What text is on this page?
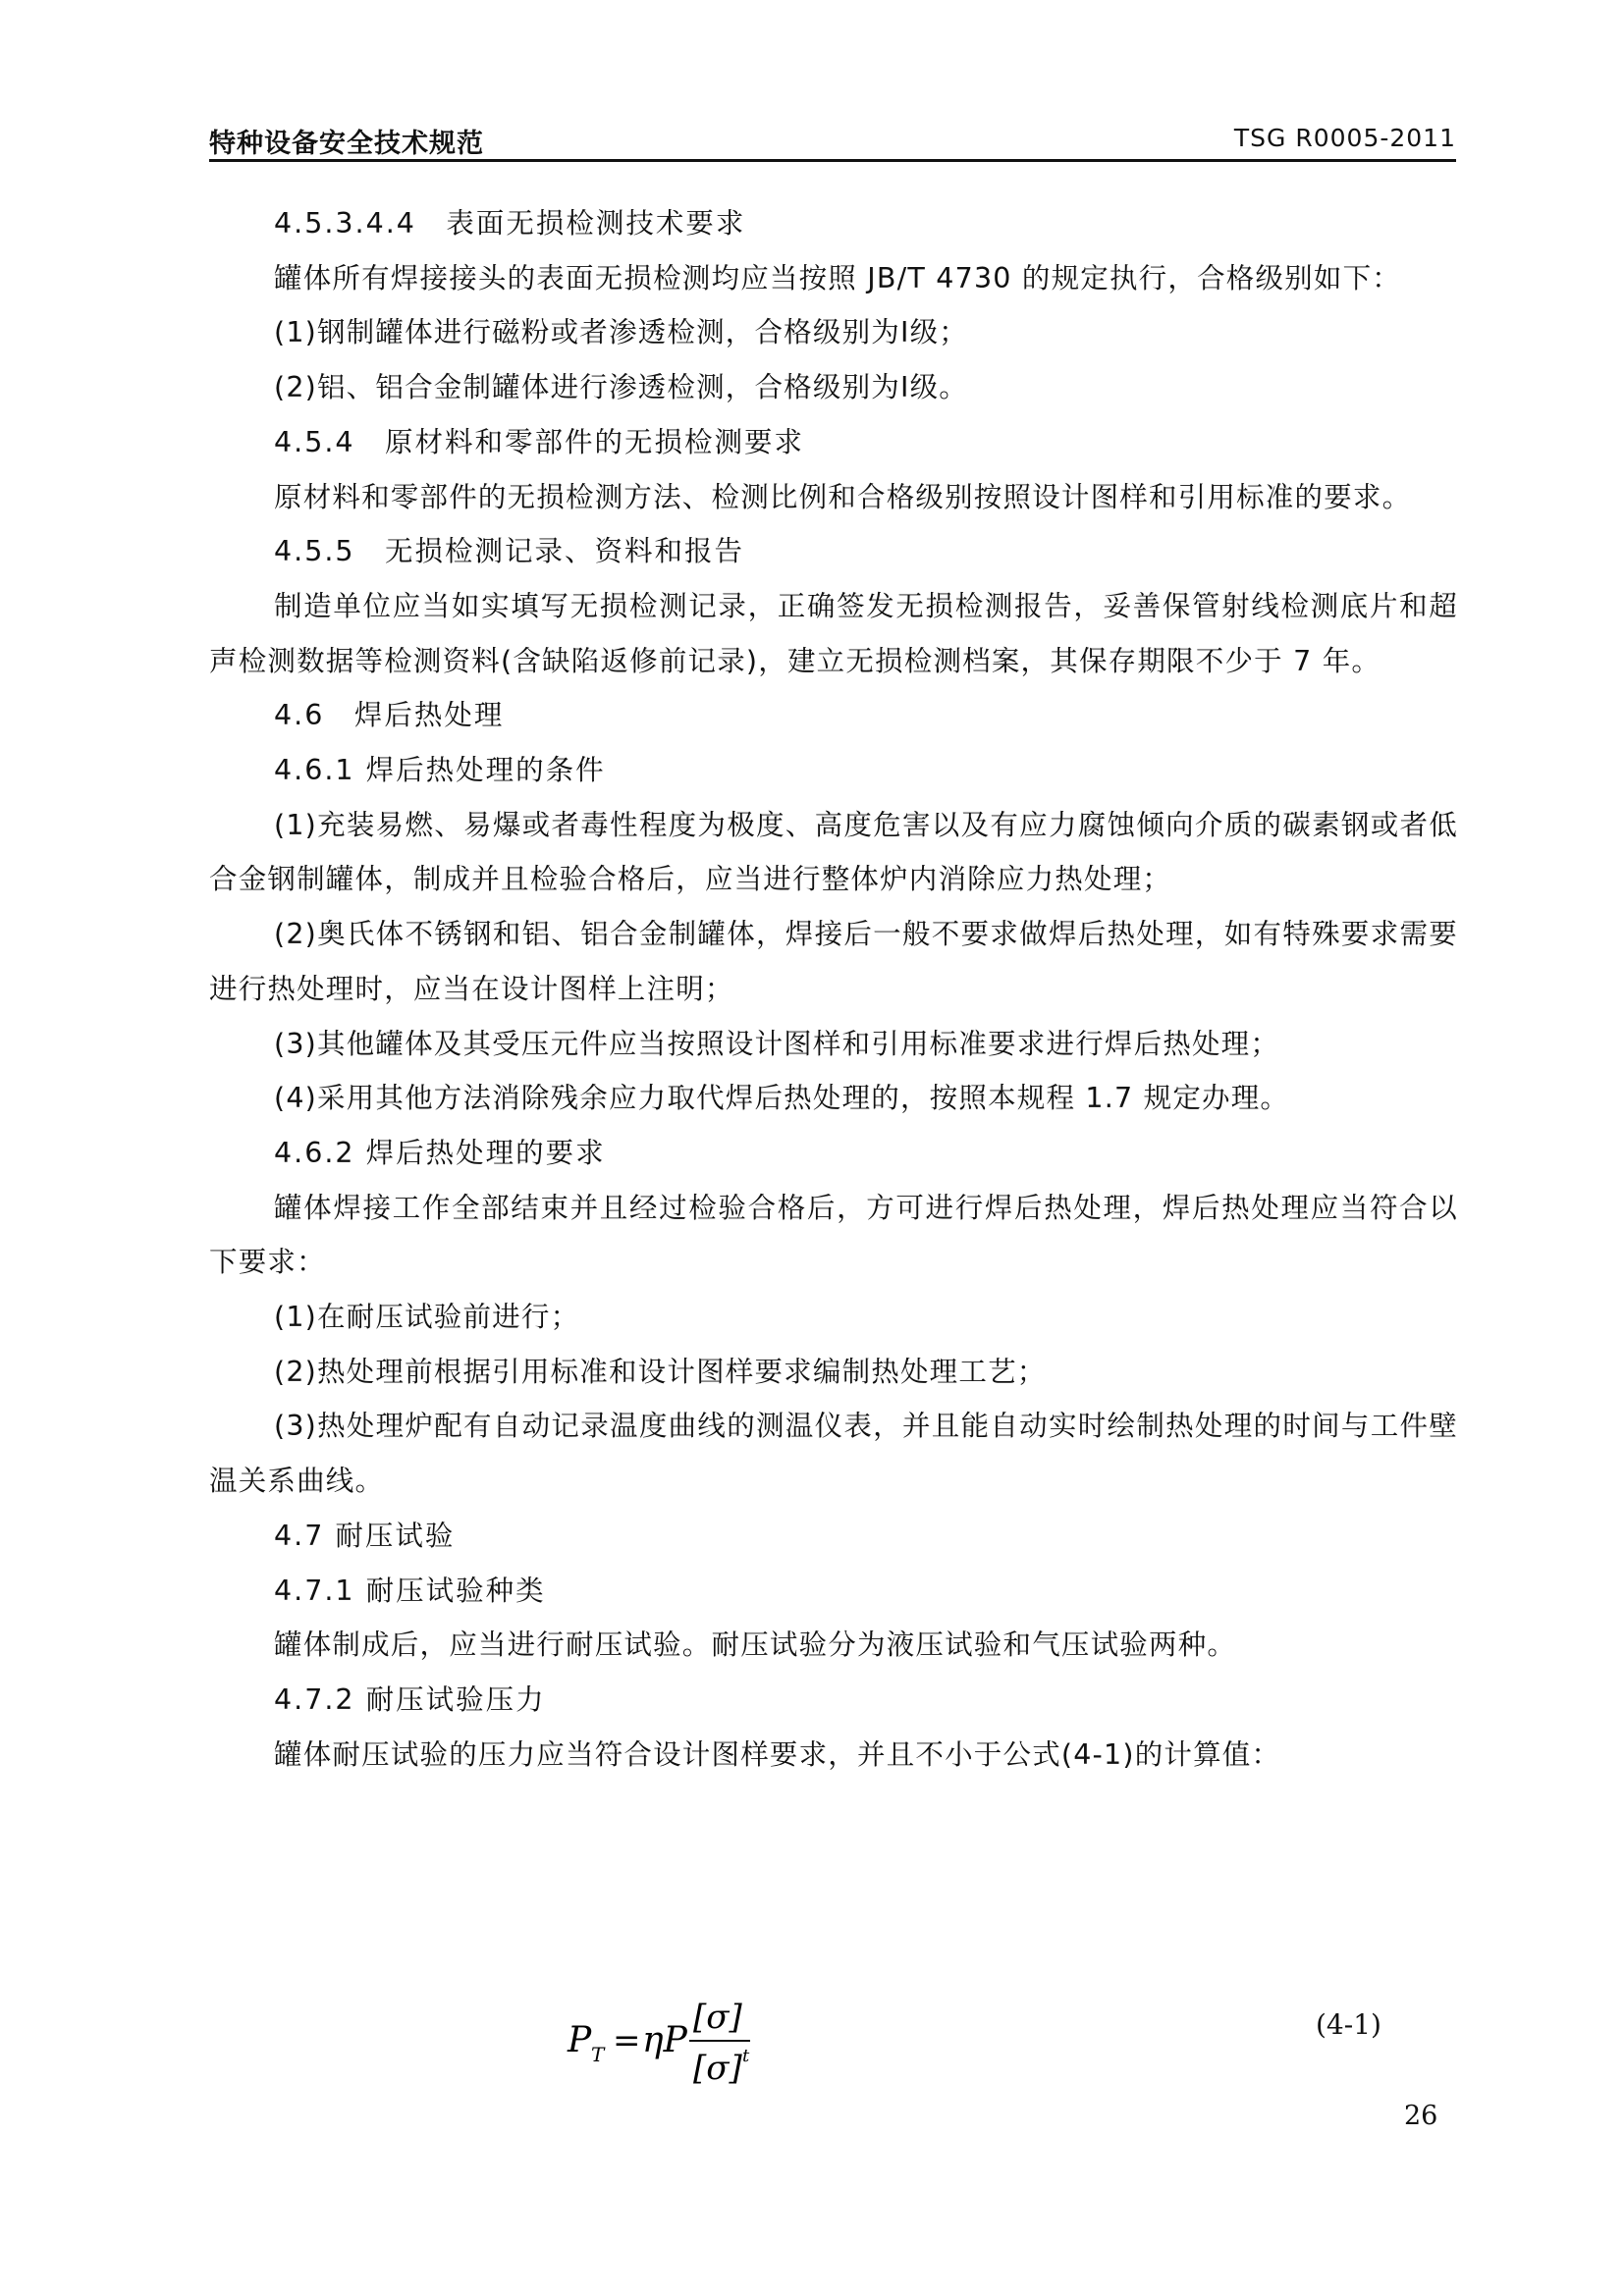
特种设备安全技术规范	TSG R0005-2011

4.5.3.4.4　表面无损检测技术要求

罐体所有焊接接头的表面无损检测均应当按照 JB/T 4730 的规定执行，合格级别如下：

(1)钢制罐体进行磁粉或者渗透检测，合格级别为Ⅰ级；

(2)铝、铝合金制罐体进行渗透检测，合格级别为Ⅰ级。

4.5.4　原材料和零部件的无损检测要求

原材料和零部件的无损检测方法、检测比例和合格级别按照设计图样和引用标准的要求。

4.5.5　无损检测记录、资料和报告

制造单位应当如实填写无损检测记录，正确签发无损检测报告，妥善保管射线检测底片和超声检测数据等检测资料(含缺陷返修前记录)，建立无损检测档案，其保存期限不少于 7 年。

4.6　焊后热处理

4.6.1 焊后热处理的条件

(1)充装易燃、易爆或者毒性程度为极度、高度危害以及有应力腐蚀倾向介质的碳素钢或者低合金钢制罐体，制成并且检验合格后，应当进行整体炉内消除应力热处理；

(2)奥氏体不锈钢和铝、铝合金制罐体，焊接后一般不要求做焊后热处理，如有特殊要求需要进行热处理时，应当在设计图样上注明；

(3)其他罐体及其受压元件应当按照设计图样和引用标准要求进行焊后热处理；

(4)采用其他方法消除残余应力取代焊后热处理的，按照本规程 1.7 规定办理。

4.6.2 焊后热处理的要求

罐体焊接工作全部结束并且经过检验合格后，方可进行焊后热处理，焊后热处理应当符合以下要求：

(1)在耐压试验前进行；

(2)热处理前根据引用标准和设计图样要求编制热处理工艺；

(3)热处理炉配有自动记录温度曲线的测温仪表，并且能自动实时绘制热处理的时间与工件壁温关系曲线。

4.7 耐压试验

4.7.1 耐压试验种类

罐体制成后，应当进行耐压试验。耐压试验分为液压试验和气压试验两种。

4.7.2 耐压试验压力

罐体耐压试验的压力应当符合设计图样要求，并且不小于公式(4-1)的计算值：

P T = ηP
[σ]
[σ] t
(4-1)
26
